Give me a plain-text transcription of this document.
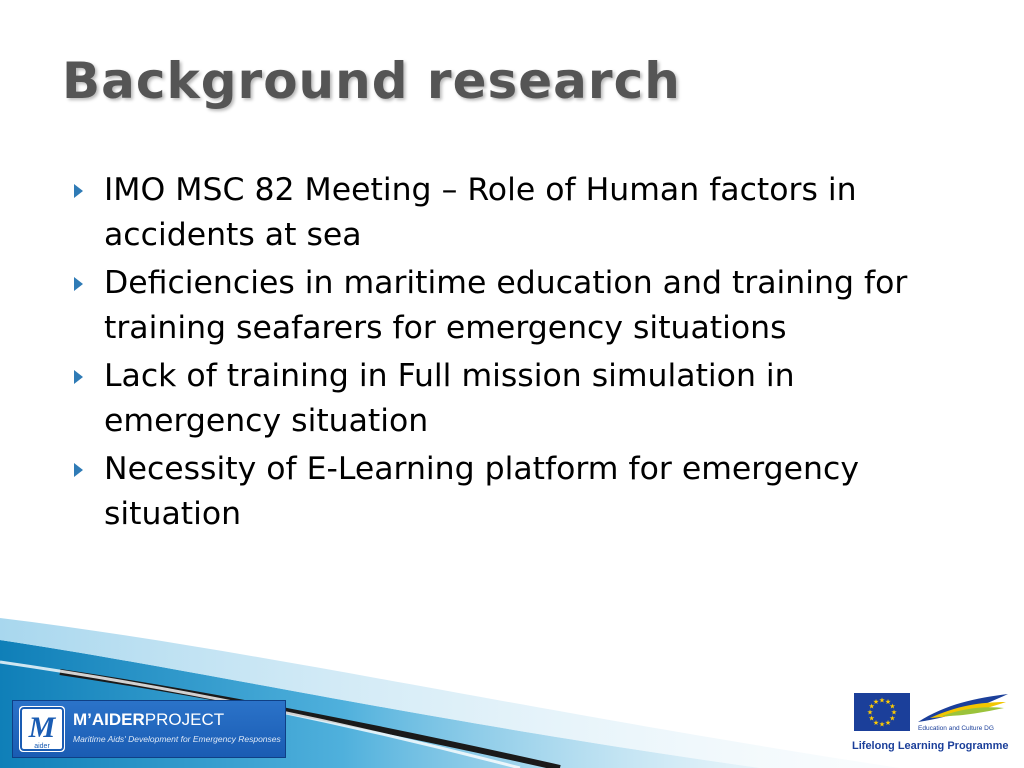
Background research
IMO MSC 82 Meeting – Role of Human factors in accidents at sea
Deficiencies in maritime education and training for training seafarers for emergency situations
Lack of training in Full mission simulation in emergency situation
Necessity of E-Learning platform for emergency situation
M
aider
M’AIDERPROJECT
Maritime Aids' Development for Emergency Responses
★
★
★
★
★
★
★
★
★ ★ ★
★
Education and Culture DG
Lifelong Learning Programme
